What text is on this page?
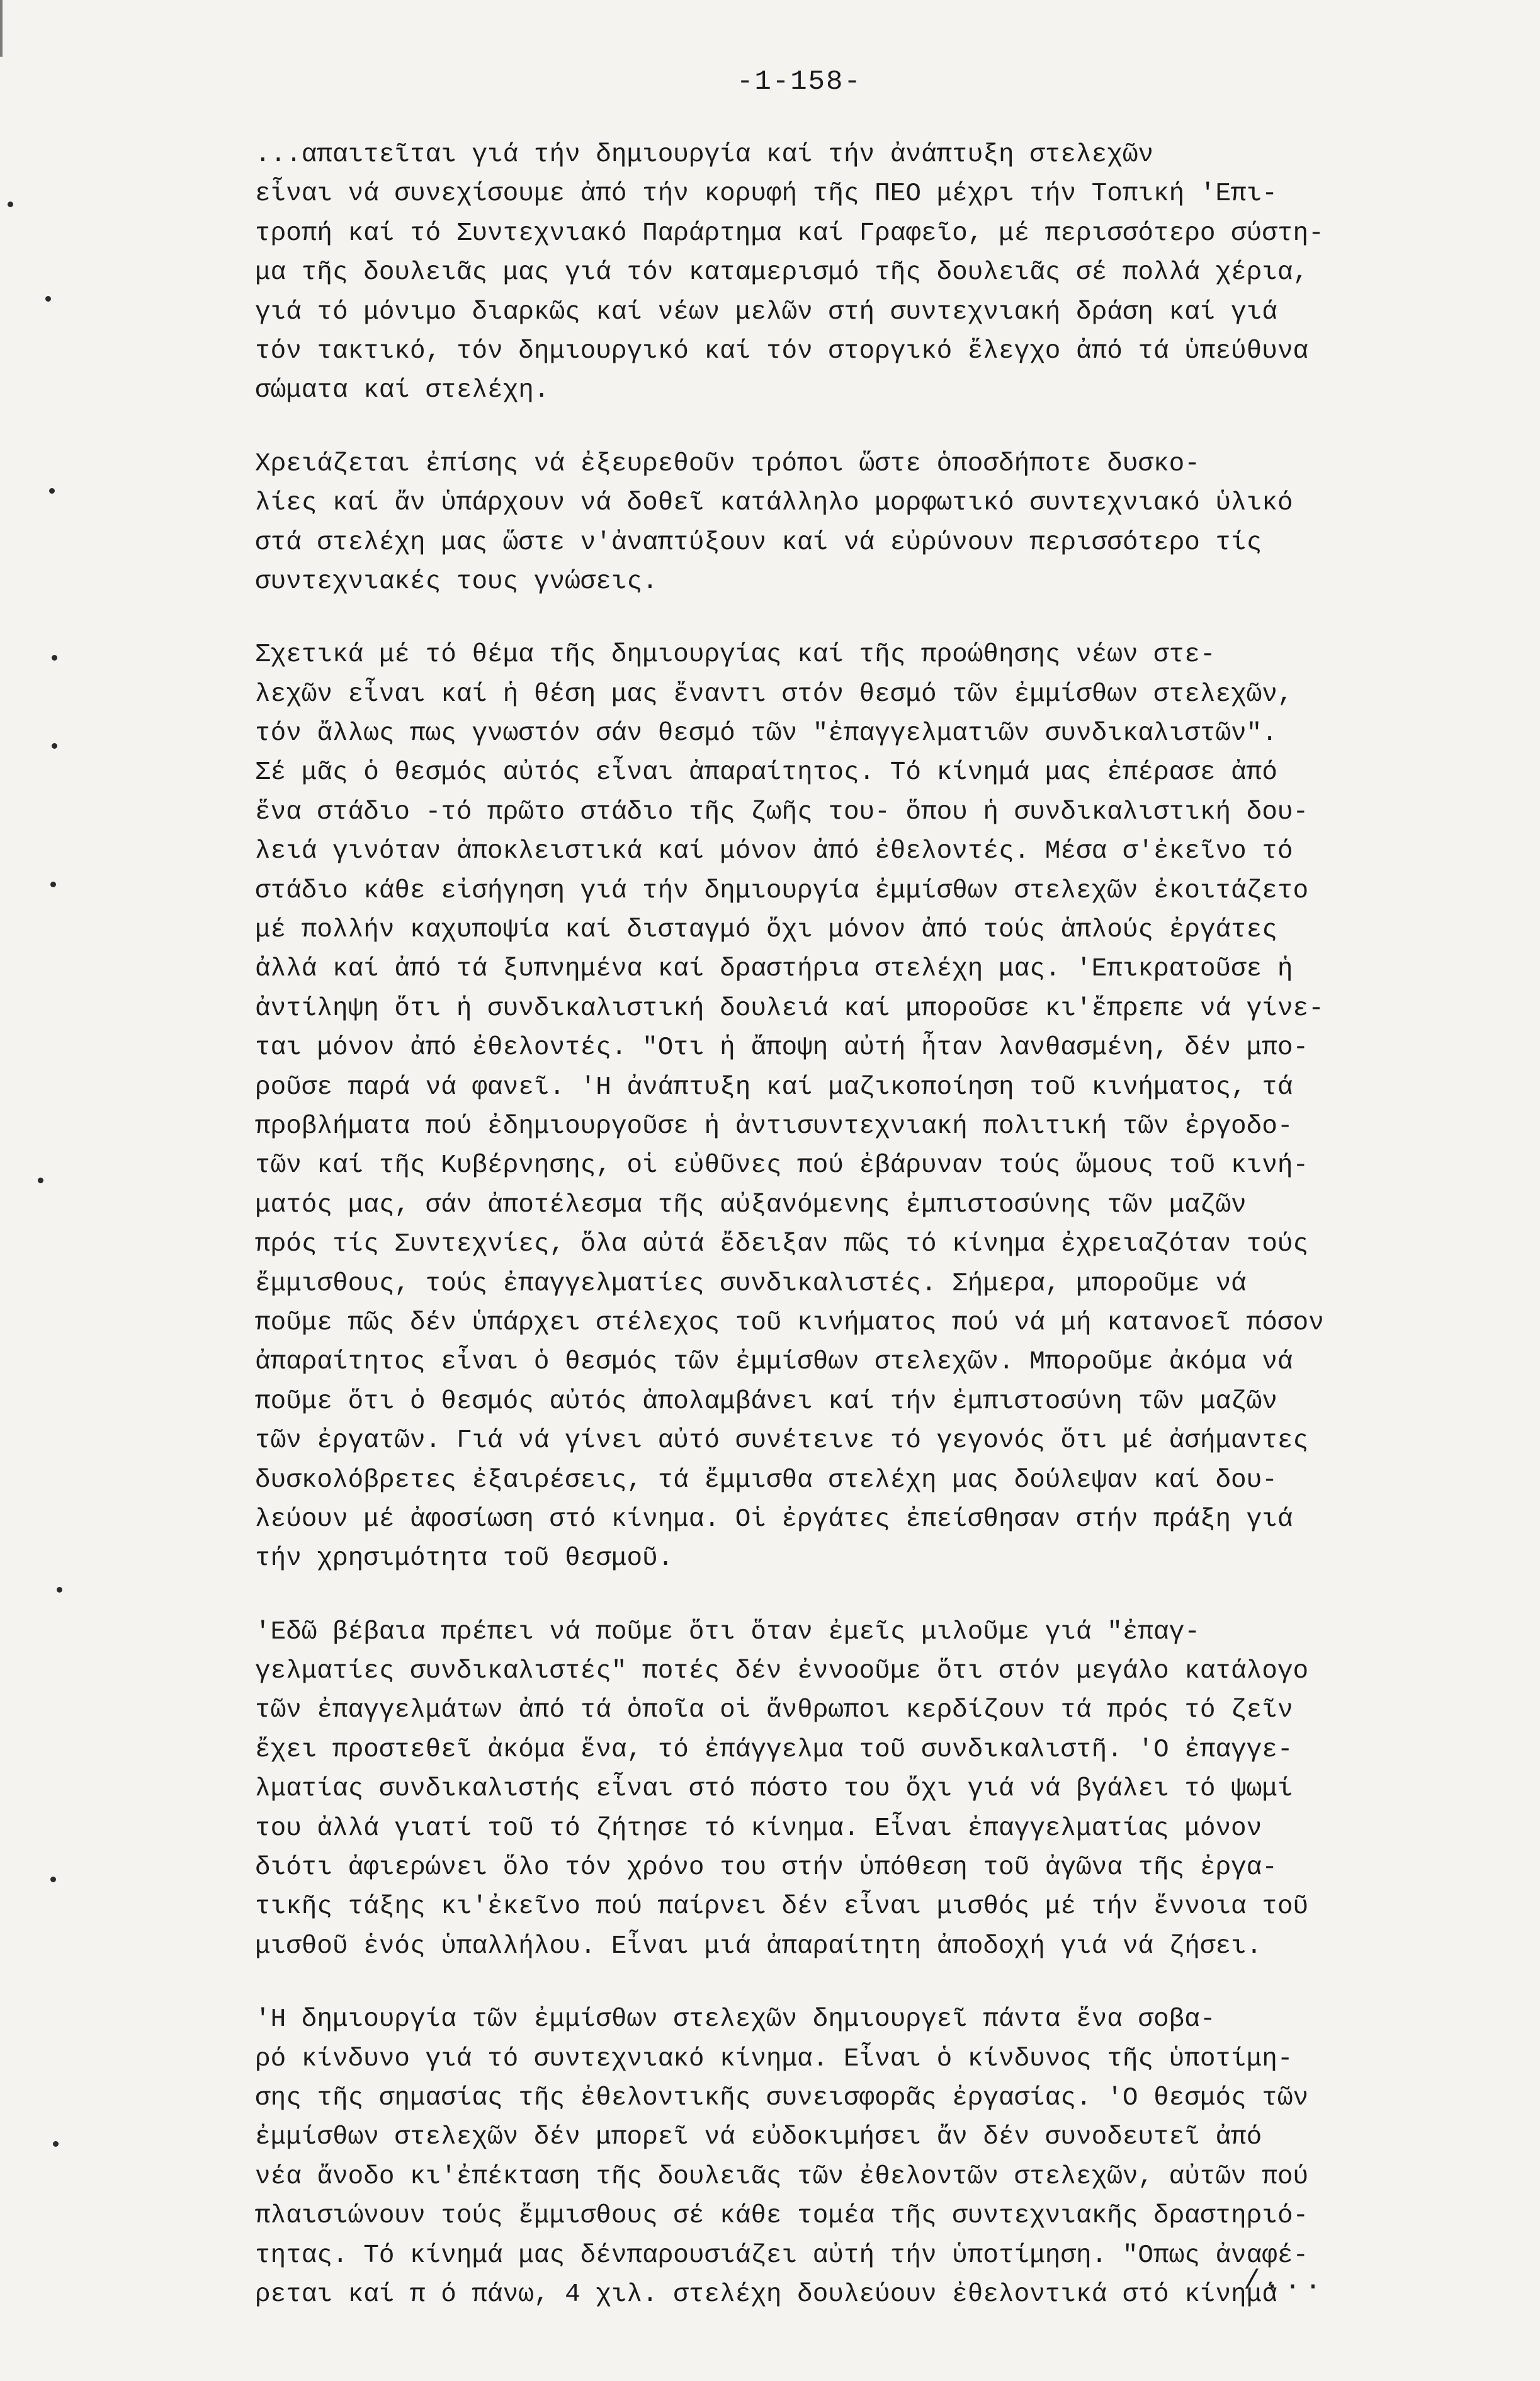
-1-158-
...απαιτεῖται γιά τήν δημιουργία καί τήν ἀνάπτυξη στελεχῶν
εἶναι νά συνεχίσουμε ἀπό τήν κορυφή τῆς ΠΕΟ μέχρι τήν Τοπική 'Επι-
τροπή καί τό Συντεχνιακό Παράρτημα καί Γραφεῖο, μέ περισσότερο σύστη-
μα τῆς δουλειᾶς μας γιά τόν καταμερισμό τῆς δουλειᾶς σέ πολλά χέρια,
γιά τό μόνιμο διαρκῶς καί νέων μελῶν στή συντεχνιακή δράση καί γιά
τόν τακτικό, τόν δημιουργικό καί τόν στοργικό ἔλεγχο ἀπό τά ὑπεύθυνα
σώματα καί στελέχη.
Χρειάζεται ἐπίσης νά ἐξευρεθοῦν τρόποι ὥστε ὁποσδήποτε δυσκο-
λίες καί ἄν ὑπάρχουν νά δοθεῖ κατάλληλο μορφωτικό συντεχνιακό ὑλικό
στά στελέχη μας ὥστε ν'ἀναπτύξουν καί νά εὐρύνουν περισσότερο τίς
συντεχνιακές τους γνώσεις.
Σχετικά μέ τό θέμα τῆς δημιουργίας καί τῆς προώθησης νέων στε-
λεχῶν εἶναι καί ἡ θέση μας ἔναντι στόν θεσμό τῶν ἐμμίσθων στελεχῶν,
τόν ἄλλως πως γνωστόν σάν θεσμό τῶν "ἐπαγγελματιῶν συνδικαλιστῶν".
Σέ μᾶς ὁ θεσμός αὐτός εἶναι ἀπαραίτητος. Τό κίνημά μας ἐπέρασε ἀπό
ἕνα στάδιο -τό πρῶτο στάδιο τῆς ζωῆς του- ὅπου ἡ συνδικαλιστική δου-
λειά γινόταν ἀποκλειστικά καί μόνον ἀπό ἐθελοντές. Μέσα σ'ἐκεῖνο τό
στάδιο κάθε εἰσήγηση γιά τήν δημιουργία ἐμμίσθων στελεχῶν ἐκοιτάζετο
μέ πολλήν καχυποψία καί δισταγμό ὄχι μόνον ἀπό τούς ἁπλούς ἐργάτες
ἀλλά καί ἀπό τά ξυπνημένα καί δραστήρια στελέχη μας. 'Επικρατοῦσε ἡ
ἀντίληψη ὅτι ἡ συνδικαλιστική δουλειά καί μποροῦσε κι'ἔπρεπε νά γίνε-
ται μόνον ἀπό ἐθελοντές. "Οτι ἡ ἄποψη αὐτή ἦταν λανθασμένη, δέν μπο-
ροῦσε παρά νά φανεῖ. 'Η ἀνάπτυξη καί μαζικοποίηση τοῦ κινήματος, τά
προβλήματα πού ἐδημιουργοῦσε ἡ ἀντισυντεχνιακή πολιτική τῶν ἐργοδο-
τῶν καί τῆς Κυβέρνησης, οἱ εὐθῦνες πού ἐβάρυναν τούς ὤμους τοῦ κινή-
ματός μας, σάν ἀποτέλεσμα τῆς αὐξανόμενης ἐμπιστοσύνης τῶν μαζῶν
πρός τίς Συντεχνίες, ὅλα αὐτά ἔδειξαν πῶς τό κίνημα ἐχρειαζόταν τούς
ἔμμισθους, τούς ἐπαγγελματίες συνδικαλιστές. Σήμερα, μποροῦμε νά
ποῦμε πῶς δέν ὑπάρχει στέλεχος τοῦ κινήματος πού νά μή κατανοεῖ πόσον
ἀπαραίτητος εἶναι ὁ θεσμός τῶν ἐμμίσθων στελεχῶν. Μποροῦμε ἀκόμα νά
ποῦμε ὅτι ὁ θεσμός αὐτός ἀπολαμβάνει καί τήν ἐμπιστοσύνη τῶν μαζῶν
τῶν ἐργατῶν. Γιά νά γίνει αὐτό συνέτεινε τό γεγονός ὅτι μέ ἀσήμαντες
δυσκολόβρετες ἐξαιρέσεις, τά ἔμμισθα στελέχη μας δούλεψαν καί δου-
λεύουν μέ ἀφοσίωση στό κίνημα. Οἱ ἐργάτες ἐπείσθησαν στήν πράξη γιά
τήν χρησιμότητα τοῦ θεσμοῦ.
'Εδῶ βέβαια πρέπει νά ποῦμε ὅτι ὅταν ἐμεῖς μιλοῦμε γιά "ἐπαγ-
γελματίες συνδικαλιστές" ποτές δέν ἐννοοῦμε ὅτι στόν μεγάλο κατάλογο
τῶν ἐπαγγελμάτων ἀπό τά ὁποῖα οἱ ἄνθρωποι κερδίζουν τά πρός τό ζεῖν
ἔχει προστεθεῖ ἀκόμα ἕνα, τό ἐπάγγελμα τοῦ συνδικαλιστῆ. 'Ο ἐπαγγε-
λματίας συνδικαλιστής εἶναι στό πόστο του ὄχι γιά νά βγάλει τό ψωμί
του ἀλλά γιατί τοῦ τό ζήτησε τό κίνημα. Εἶναι ἐπαγγελματίας μόνον
διότι ἀφιερώνει ὅλο τόν χρόνο του στήν ὑπόθεση τοῦ ἀγῶνα τῆς ἐργα-
τικῆς τάξης κι'ἐκεῖνο πού παίρνει δέν εἶναι μισθός μέ τήν ἔννοια τοῦ
μισθοῦ ἑνός ὑπαλλήλου. Εἶναι μιά ἀπαραίτητη ἀποδοχή γιά νά ζήσει.
'Η δημιουργία τῶν ἐμμίσθων στελεχῶν δημιουργεῖ πάντα ἕνα σοβα-
ρό κίνδυνο γιά τό συντεχνιακό κίνημα. Εἶναι ὁ κίνδυνος τῆς ὑποτίμη-
σης τῆς σημασίας τῆς ἐθελοντικῆς συνεισφορᾶς ἐργασίας. 'Ο θεσμός τῶν
ἐμμίσθων στελεχῶν δέν μπορεῖ νά εὐδοκιμήσει ἄν δέν συνοδευτεῖ ἀπό
νέα ἄνοδο κι'ἐπέκταση τῆς δουλειᾶς τῶν ἐθελοντῶν στελεχῶν, αὐτῶν πού
πλαισιώνουν τούς ἔμμισθους σέ κάθε τομέα τῆς συντεχνιακῆς δραστηριό-
τητας. Τό κίνημά μας δένπαρουσιάζει αὐτή τήν ὑποτίμηση. "Οπως ἀναφέ-
ρεται καί π ό πάνω, 4 χιλ. στελέχη δουλεύουν ἐθελοντικά στό κίνημά
/...
